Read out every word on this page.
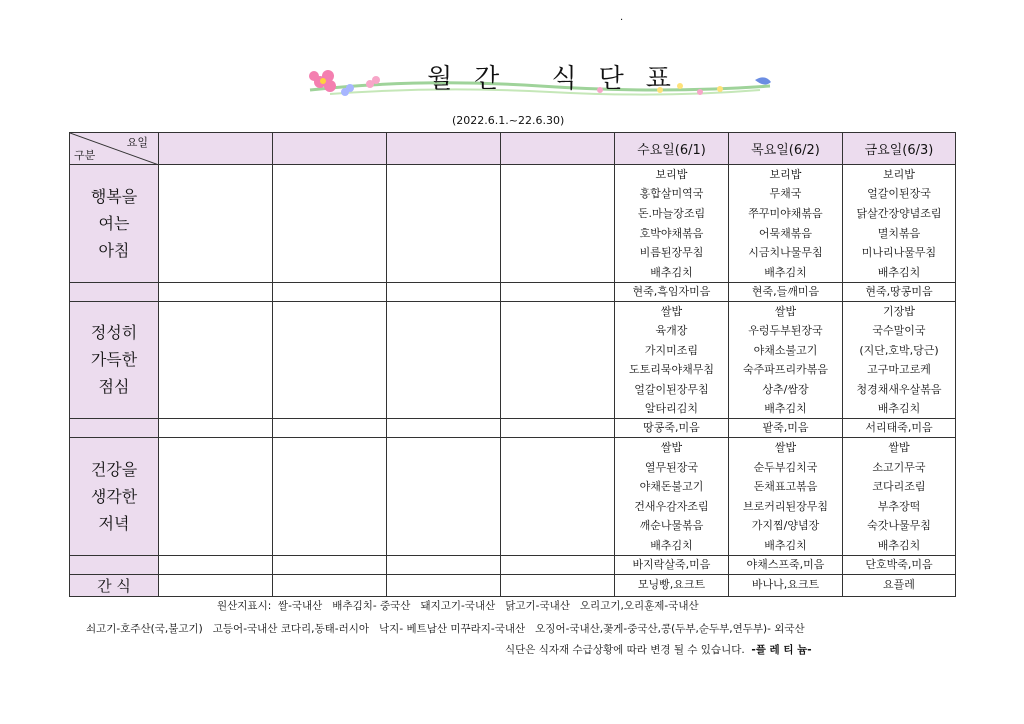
.
월간 식단표
(2022.6.1.~22.6.30)
요일
구분					수요일(6/1)	목요일(6/2)	금요일(6/3)

행복을
여는
아침					보리밥	보리밥	보리밥
					홍합살미역국	무채국	얼갈이된장국
					돈.마늘장조림	쭈꾸미야채볶음	닭살간장양념조림
					호박야채볶음	어묵채볶음	멸치볶음
					비름된장무침	시금치나물무침	미나리나물무침
					배추김치	배추김치	배추김치
					현죽,흑임자미음	현죽,들깨미음	현죽,땅콩미음

정성히
가득한
점심					쌀밥	쌀밥	기장밥
					육개장	우렁두부된장국	국수말이국
					가지미조림	야채소불고기	(지단,호박,당근)
					도토리묵야채무침	숙주파프리카볶음	고구마고로케
					얼갈이된장무침	상추/쌈장	청경채새우살볶음
					알타리김치	배추김치	배추김치
					땅콩죽,미음	팥죽,미음	서리태죽,미음

건강을
생각한
저녁					쌀밥	쌀밥	쌀밥
					열무된장국	순두부김치국	소고기무국
					야채돈불고기	돈채표고볶음	코다리조림
					건새우감자조림	브로커리된장무침	부추장떡
					깨순나물볶음	가지찜/양념장	숙갓나물무침
					배추김치	배추김치	배추김치
					바지락살죽,미음	야채스프죽,미음	단호박죽,미음
간 식					모닝빵,요크트	바나나,요크트	요플레
원산지표시:  쌀-국내산   배추김치- 중국산   돼지고기-국내산   닭고기-국내산   오리고기,오리훈제-국내산
쇠고기-호주산(국,불고기)   고등어-국내산 코다리,동태-러시아   낙지- 베트남산 미꾸라지-국내산   오징어-국내산,꽃게-중국산,콩(두부,순두부,연두부)- 외국산
식단은 식자재 수급상황에 따라 변경 될 수 있습니다.  -플 레 티 늄-
